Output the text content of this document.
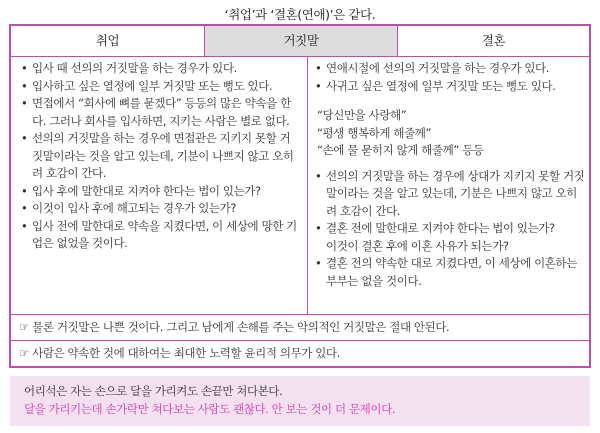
‘취업’과 ‘결혼(연애)’은 같다.
취업	거짓말	결혼
• 입사 때 선의의 거짓말을 하는 경우가 있다.
• 입사하고 싶은 열정에 일부 거짓말 또는 뻥도 있다.
• 면접에서 “회사에 뼈를 묻겠다” 등등의 많은 약속을 한다. 그러나 회사를 입사하면, 지키는 사람은 별로 없다.
• 선의의 거짓말을 하는 경우에 면접관은 지키지 못할 거짓말이라는 것을 알고 있는데, 기분이 나쁘지 않고 오히려 호감이 간다.
• 입사 후에 말한대로 지켜야 한다는 법이 있는가?
• 이것이 입사 후에 해고되는 경우가 있는가?
• 입사 전에 말한대로 약속을 지켰다면, 이 세상에 망한 기업은 없었을 것이다.
• 연애시절에 선의의 거짓말을 하는 경우가 있다.
• 사귀고 싶은 열정에 일부 거짓말 또는 뻥도 있다.
“당신만을 사랑해”
“평생 행복하게 해줄께”
“손에 물 묻히지 않게 해줄께” 등등
• 선의의 거짓말을 하는 경우에 상대가 지키지 못할 거짓말이라는 것을 알고 있는데, 기분은 나쁘지 않고 오히려 호감이 간다.
• 결혼 전에 말한대로 지켜야 한다는 법이 있는가?
이것이 결혼 후에 이혼 사유가 되는가?
• 결혼 전의 약속한 대로 지켰다면, 이 세상에 이혼하는 부부는 없을 것이다.
☞ 물론 거짓말은 나쁜 것이다. 그리고 남에게 손해를 주는 악의적인 거짓말은 절대 안된다.
☞ 사람은 약속한 것에 대하여는 최대한 노력할 윤리적 의무가 있다.
어리석은 자는 손으로 달을 가리켜도 손끝만 쳐다본다.
달을 가리키는데 손가락만 쳐다보는 사람도 괜찮다. 안 보는 것이 더 문제이다.
